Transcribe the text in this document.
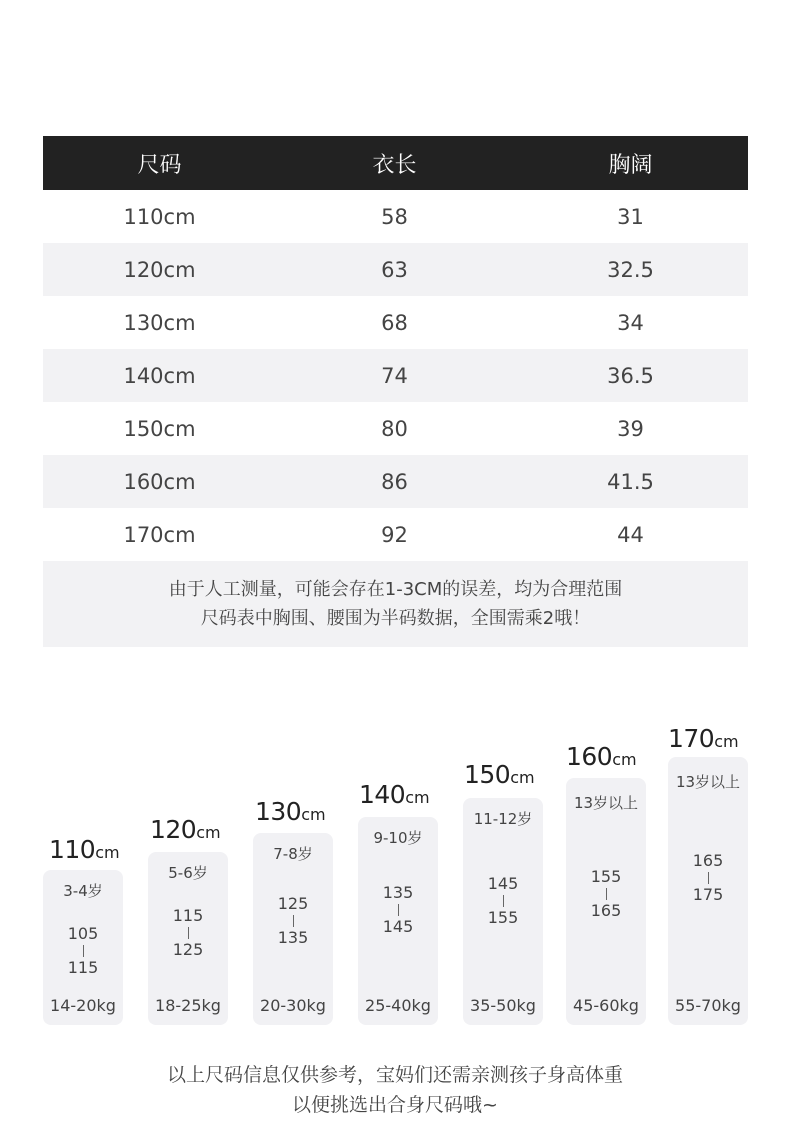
尺码	衣长	胸阔
110cm	58	31
120cm	63	32.5
130cm	68	34
140cm	74	36.5
150cm	80	39
160cm	86	41.5
170cm	92	44
由于人工测量，可能会存在1-3CM的误差，均为合理范围
尺码表中胸围、腰围为半码数据，全围需乘2哦！
110cm
3-4岁
105
115
14-20kg
120cm
5-6岁
115
125
18-25kg
130cm
7-8岁
125
135
20-30kg
140cm
9-10岁
135
145
25-40kg
150cm
11-12岁
145
155
35-50kg
160cm
13岁以上
155
165
45-60kg
170cm
13岁以上
165
175
55-70kg
以上尺码信息仅供参考，宝妈们还需亲测孩子身高体重
以便挑选出合身尺码哦~
